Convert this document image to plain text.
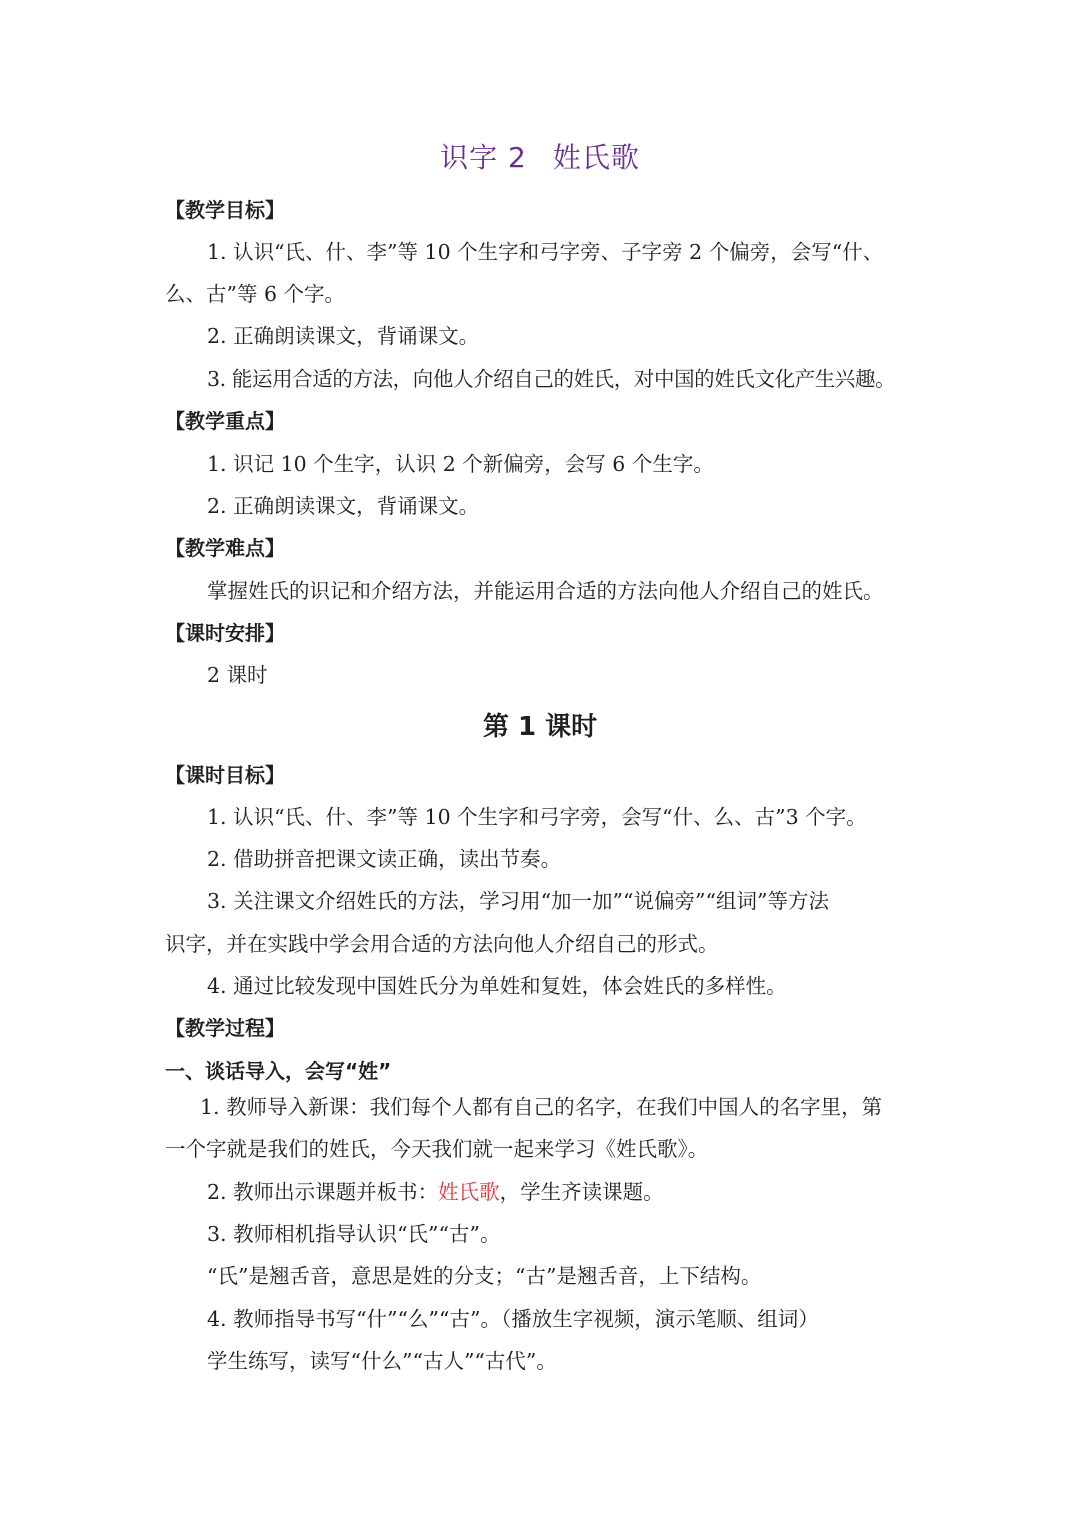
识字 2 姓氏歌
【教学目标】
1. 认识“氏、什、李”等 10 个生字和弓字旁、子字旁 2 个偏旁，会写“什、
么、古”等 6 个字。
2. 正确朗读课文，背诵课文。
3. 能运用合适的方法，向他人介绍自己的姓氏，对中国的姓氏文化产生兴趣。
【教学重点】
1. 识记 10 个生字，认识 2 个新偏旁，会写 6 个生字。
2. 正确朗读课文，背诵课文。
【教学难点】
掌握姓氏的识记和介绍方法，并能运用合适的方法向他人介绍自己的姓氏。
【课时安排】
2 课时
第 1 课时
【课时目标】
1. 认识“氏、什、李”等 10 个生字和弓字旁，会写“什、么、古”3 个字。
2. 借助拼音把课文读正确，读出节奏。
3. 关注课文介绍姓氏的方法，学习用“加一加”“说偏旁”“组词”等方法
识字，并在实践中学会用合适的方法向他人介绍自己的形式。
4. 通过比较发现中国姓氏分为单姓和复姓，体会姓氏的多样性。
【教学过程】
一、谈话导入，会写“姓”
1. 教师导入新课：我们每个人都有自己的名字，在我们中国人的名字里，第
一个字就是我们的姓氏，今天我们就一起来学习《姓氏歌》。
2. 教师出示课题并板书：姓氏歌，学生齐读课题。
3. 教师相机指导认识“氏”“古”。
“氏”是翘舌音，意思是姓的分支；“古”是翘舌音，上下结构。
4. 教师指导书写“什”“么”“古”。（播放生字视频，演示笔顺、组词）
学生练写，读写“什么”“古人”“古代”。
